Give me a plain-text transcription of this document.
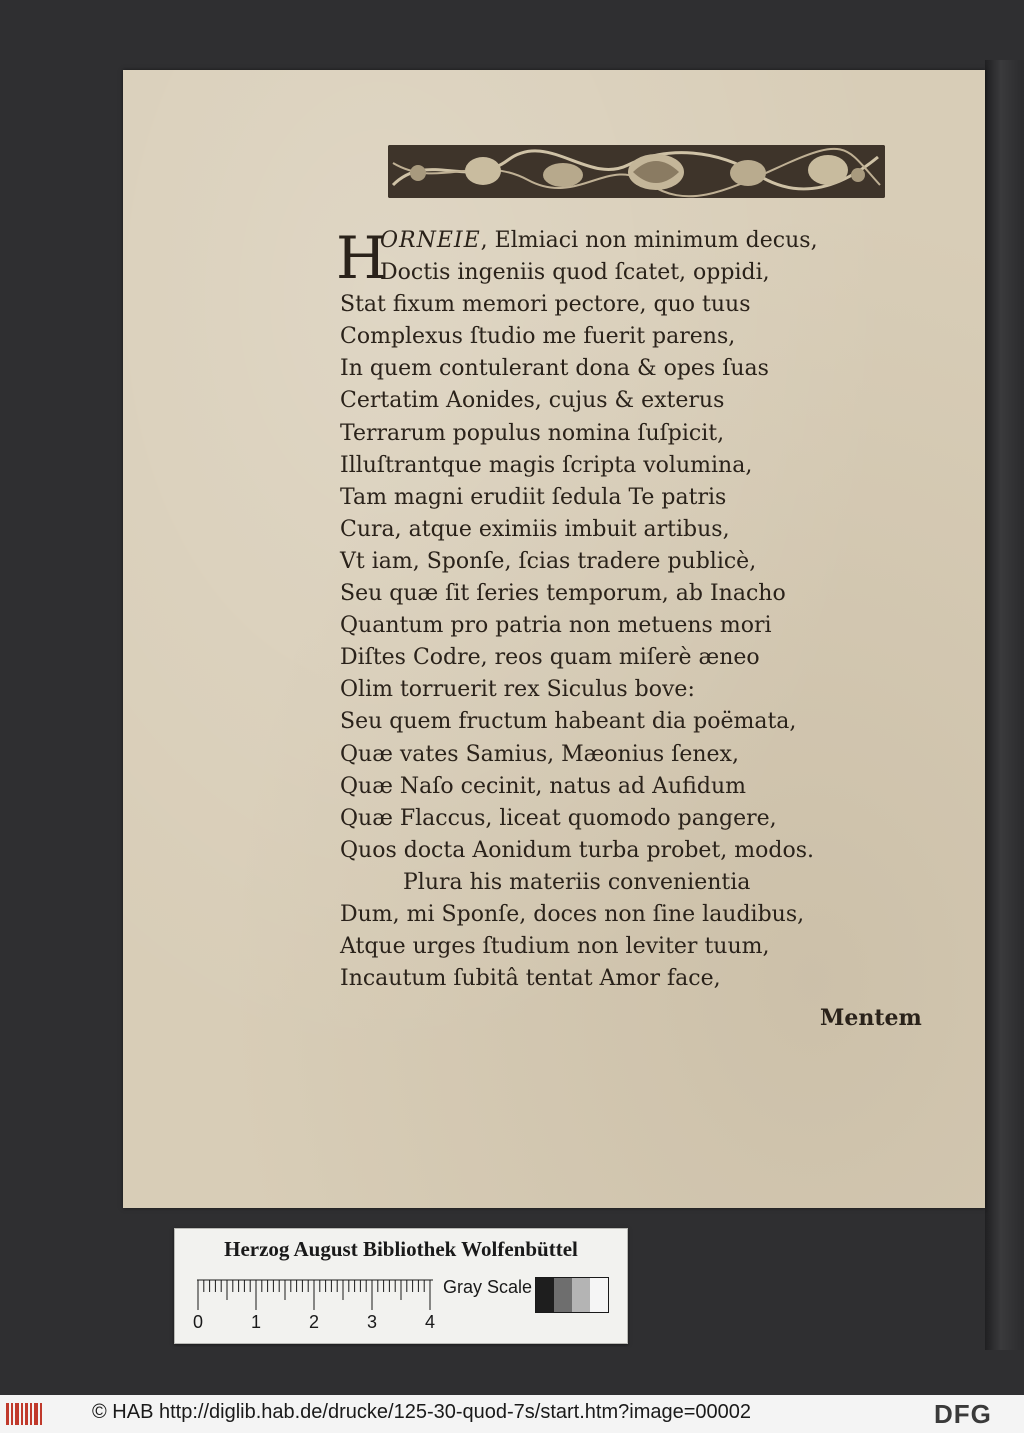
H
ORNEIE, Elmiaci non minimum decus,
Doctis ingeniis quod ſcatet, oppidi,
Stat fixum memori pectore, quo tuus
Complexus ſtudio me fuerit parens,
In quem contulerant dona & opes ſuas
Certatim Aonides, cujus & exterus
Terrarum populus nomina ſuſpicit,
Illuſtrantque magis ſcripta volumina,
Tam magni erudiit ſedula Te patris
Cura, atque eximiis imbuit artibus,
Vt iam, Sponſe, ſcias tradere publicè,
Seu quæ ſit ſeries temporum, ab Inacho
Quantum pro patria non metuens mori
Diſtes Codre, reos quam miſerè æneo
Olim torruerit rex Siculus bove:
Seu quem fructum habeant dia poëmata,
Quæ vates Samius, Mæonius ſenex,
Quæ Naſo cecinit, natus ad Aufidum
Quæ Flaccus, liceat quomodo pangere,
Quos docta Aonidum turba probet, modos.
Plura his materiis convenientia
Dum, mi Sponſe, doces non ſine laudibus,
Atque urges ſtudium non leviter tuum,
Incautum ſubitâ tentat Amor face,
Mentem
Herzog August Bibliothek Wolfenbüttel
0	1	2	3	4
Gray Scale
© HAB http://diglib.hab.de/drucke/125-30-quod-7s/start.htm?image=00002	DFG
